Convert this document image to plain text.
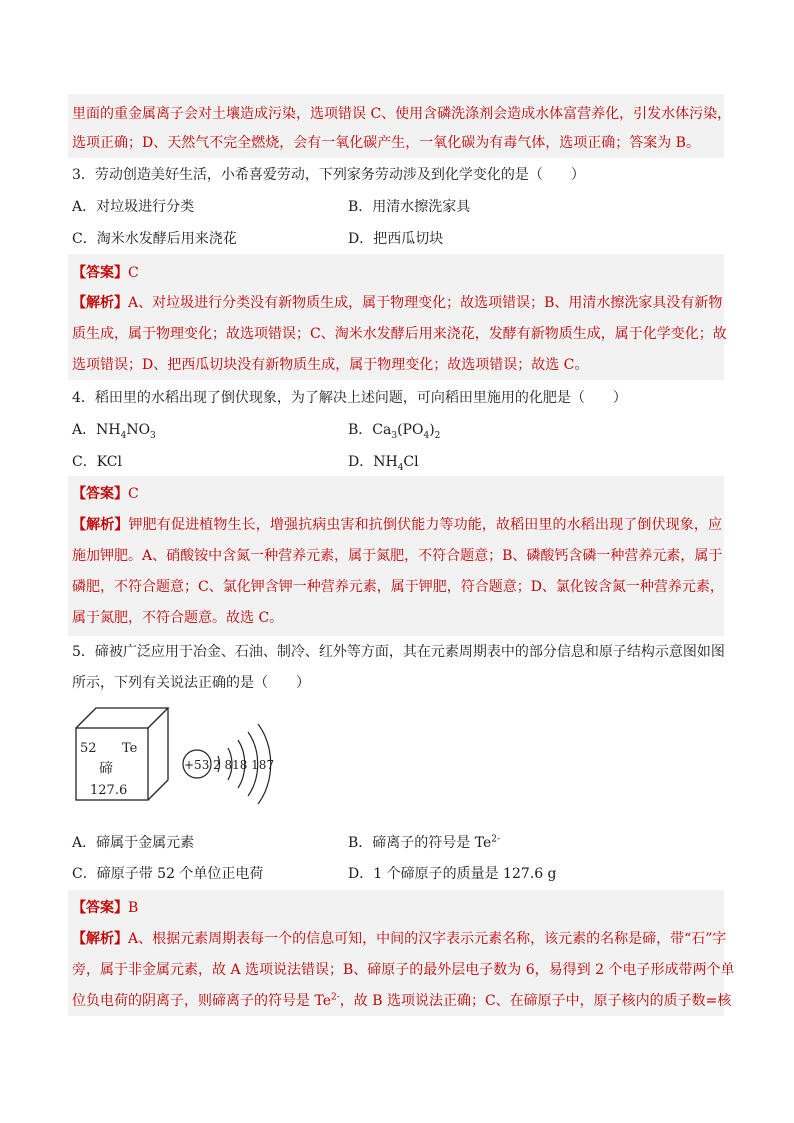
里面的重金属离子会对土壤造成污染，选项错误 C、使用含磷洗涤剂会造成水体富营养化，引发水体污染，
选项正确；D、天然气不完全燃烧，会有一氧化碳产生，一氧化碳为有毒气体，选项正确；答案为 B。
3．劳动创造美好生活，小希喜爱劳动，下列家务劳动涉及到化学变化的是（　　）
A．对垃圾进行分类	B．用清水擦洗家具
C．淘米水发酵后用来浇花	D．把西瓜切块
【答案】C
【解析】A、对垃圾进行分类没有新物质生成，属于物理变化；故选项错误；B、用清水擦洗家具没有新物
质生成，属于物理变化；故选项错误；C、淘米水发酵后用来浇花，发酵有新物质生成，属于化学变化；故
选项错误；D、把西瓜切块没有新物质生成，属于物理变化；故选项错误；故选 C。
4．稻田里的水稻出现了倒伏现象，为了解决上述问题，可向稻田里施用的化肥是（　　）
A．$NH_4NO_3$	B．$Ca_3(PO_4)_2$
C．KCl	D．$NH_4Cl$
【答案】C
【解析】钾肥有促进植物生长，增强抗病虫害和抗倒伏能力等功能，故稻田里的水稻出现了倒伏现象，应
施加钾肥。A、硝酸铵中含氮一种营养元素，属于氮肥，不符合题意；B、磷酸钙含磷一种营养元素，属于
磷肥，不符合题意；C、氯化钾含钾一种营养元素，属于钾肥，符合题意；D、氯化铵含氮一种营养元素，
属于氮肥，不符合题意。故选 C。
5．碲被广泛应用于冶金、石油、制冷、红外等方面，其在元素周期表中的部分信息和原子结构示意图如图
所示，下列有关说法正确的是（　　）
52 Te
碲
127.6
+53 2 818 187
A．碲属于金属元素	B．碲离子的符号是 $Te^{2-}$
C．碲原子带 52 个单位正电荷	D．1 个碲原子的质量是 127.6 g
【答案】B
【解析】A、根据元素周期表每一个的信息可知，中间的汉字表示元素名称，该元素的名称是碲，带“石”字
旁，属于非金属元素，故 A 选项说法错误；B、碲原子的最外层电子数为 6，易得到 2 个电子形成带两个单
位负电荷的阴离子，则碲离子的符号是 $Te^{2-}$，故 B 选项说法正确；C、在碲原子中，原子核内的质子数=核
